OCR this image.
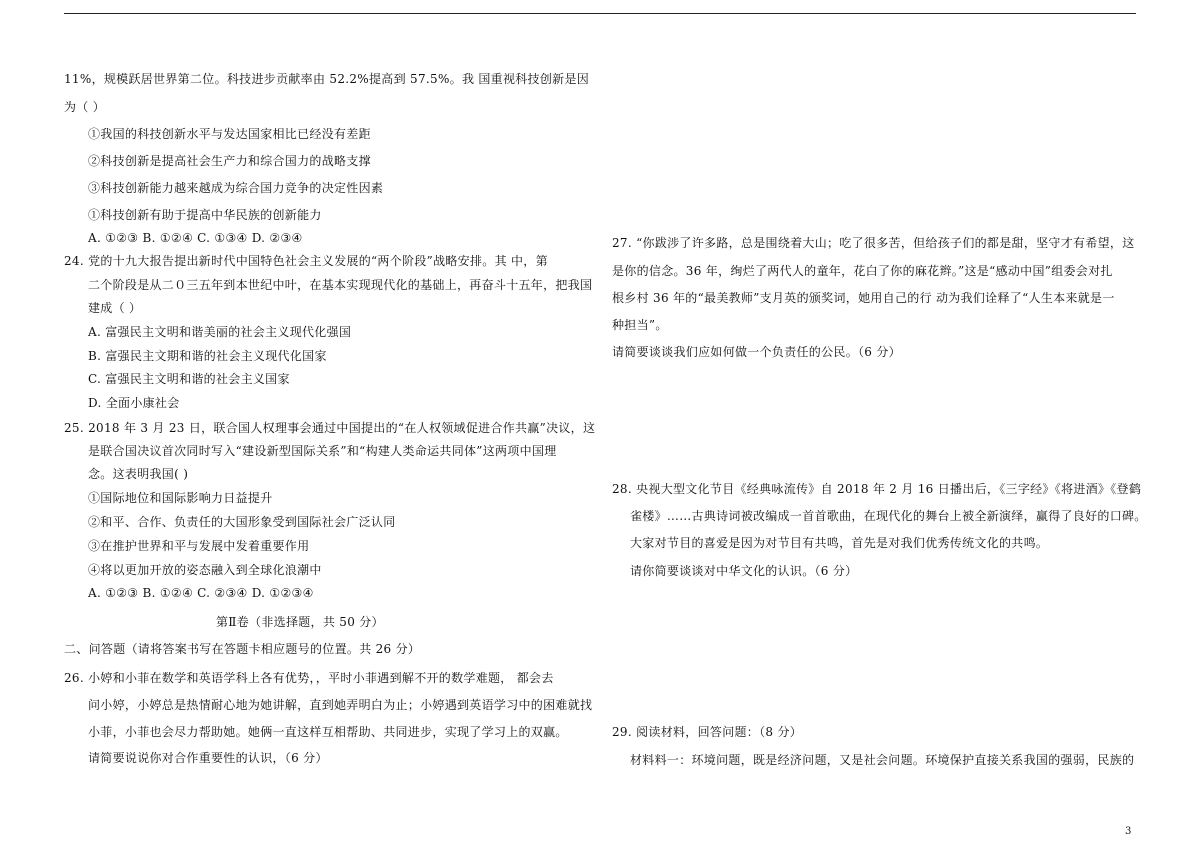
11%，规模跃居世界第二位。科技进步贡献率由 52.2%提高到 57.5%。我 国重视科技创新是因
为（ ）
①我国的科技创新水平与发达国家相比已经没有差距
②科技创新是提高社会生产力和综合国力的战略支撑
③科技创新能力越来越成为综合国力竞争的决定性因素
①科技创新有助于提高中华民族的创新能力
A. ①②③ B. ①②④ C. ①③④ D. ②③④
24. 党的十九大报告提出新时代中国特色社会主义发展的“两个阶段”战略安排。其 中，第
二个阶段是从二０三五年到本世纪中叶，在基本实现现代化的基础上，再奋斗十五年，把我国
建成（ ）
A. 富强民主文明和谐美丽的社会主义现代化强国
B. 富强民主文期和谐的社会主义现代化国家
C. 富强民主文明和谐的社会主义国家
D. 全面小康社会
25. 2018 年 3 月 23 日，联合国人权理事会通过中国提出的“在人权领域促进合作共赢”决议，这
是联合国决议首次同时写入“建设新型国际关系”和“构建人类命运共同体”这两项中国理
念。这表明我国( )
①国际地位和国际影响力日益提升
②和平、合作、负责任的大国形象受到国际社会广泛认同
③在推护世界和平与发展中发着重要作用
④将以更加开放的姿态融入到全球化浪潮中
A. ①②③ B. ①②④ C. ②③④ D. ①②③④
第Ⅱ卷（非选择题，共 50 分）
二、问答题（请将答案书写在答题卡相应题号的位置。共 26 分）
26. 小婷和小菲在数学和英语学科上各有优势，，平时小菲遇到解不开的数学难题， 都会去
问小婷，小婷总是热情耐心地为她讲解，直到她弄明白为止；小婷遇到英语学习中的困难就找
小菲，小菲也会尽力帮助她。她俩一直这样互相帮助、共同进步，实现了学习上的双赢。
请简要说说你对合作重要性的认识，（6 分）
27. “你跋涉了许多路，总是围绕着大山；吃了很多苦，但给孩子们的都是甜，坚守才有希望，这
是你的信念。36 年，绚烂了两代人的童年，花白了你的麻花辫。”这是“感动中国”组委会对扎
根乡村 36 年的“最美教师”支月英的颁奖词，她用自己的行 动为我们诠释了“人生本来就是一
种担当”。
请简要谈谈我们应如何做一个负责任的公民。（6 分）
28. 央视大型文化节目《经典咏流传》自 2018 年 2 月 16 日播出后，《三字经》《将进酒》《登鹤
雀楼》……古典诗词被改编成一首首歌曲，在现代化的舞台上被全新演绎，赢得了良好的口碑。
大家对节目的喜爱是因为对节目有共鸣，首先是对我们优秀传统文化的共鸣。
请你简要谈谈对中华文化的认识。（6 分）
29. 阅读材料，回答问题：（8 分）
材料料一：环境问题，既是经济问题，又是社会问题。环境保护直接关系我国的强弱，民族的
3
